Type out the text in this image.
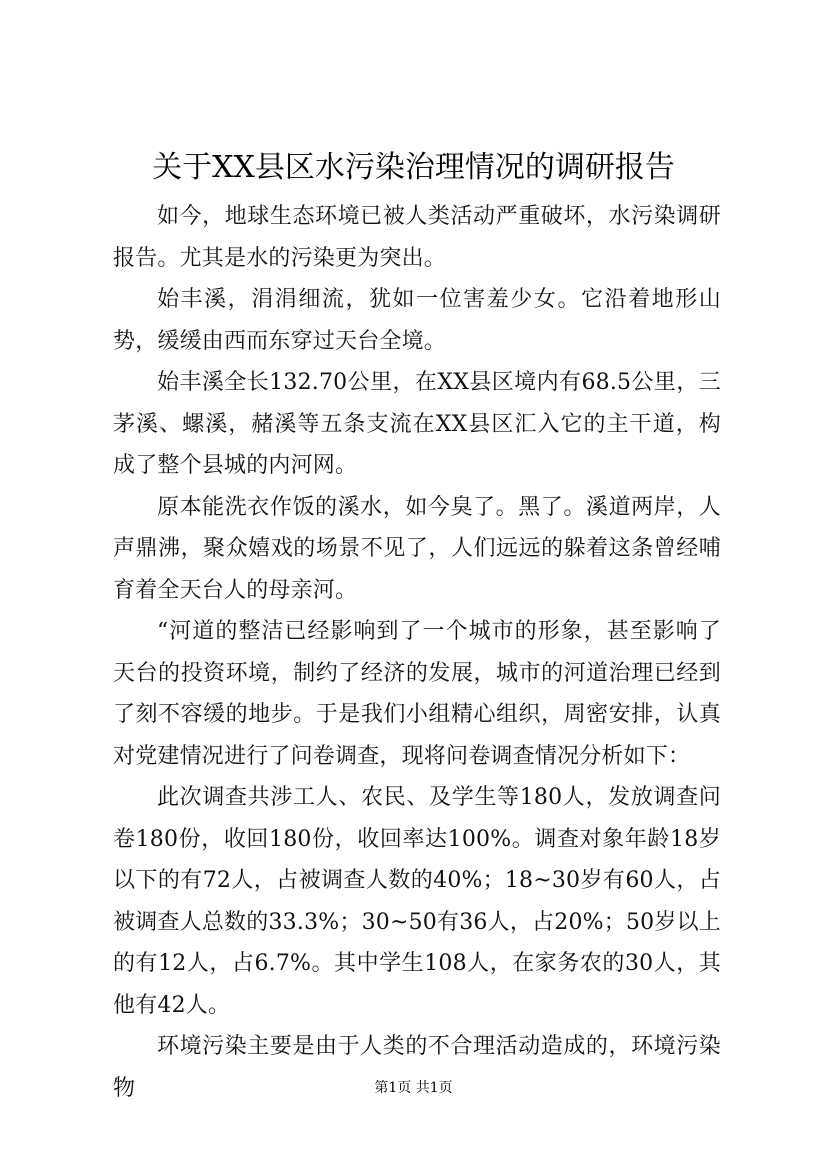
关于XX县区水污染治理情况的调研报告

如今，地球生态环境已被人类活动严重破坏，水污染调研报告。尤其是水的污染更为突出。

始丰溪，涓涓细流，犹如一位害羞少女。它沿着地形山势，缓缓由西而东穿过天台全境。

始丰溪全长132.70公里，在XX县区境内有68.5公里，三茅溪、螺溪，赭溪等五条支流在XX县区汇入它的主干道，构成了整个县城的内河网。

原本能洗衣作饭的溪水，如今臭了。黑了。溪道两岸，人声鼎沸，聚众嬉戏的场景不见了，人们远远的躲着这条曾经哺育着全天台人的母亲河。

“河道的整洁已经影响到了一个城市的形象，甚至影响了天台的投资环境，制约了经济的发展，城市的河道治理已经到了刻不容缓的地步。于是我们小组精心组织，周密安排，认真对党建情况进行了问卷调查，现将问卷调查情况分析如下：

此次调查共涉工人、农民、及学生等180人，发放调查问卷180份，收回180份，收回率达100%。调查对象年龄18岁以下的有72人，占被调查人数的40%；18~30岁有60人，占被调查人总数的33.3%；30~50有36人，占20%；50岁以上的有12人，占6.7%。其中学生108人，在家务农的30人，其他有42人。

环境污染主要是由于人类的不合理活动造成的，环境污染物	第1页 共1页
